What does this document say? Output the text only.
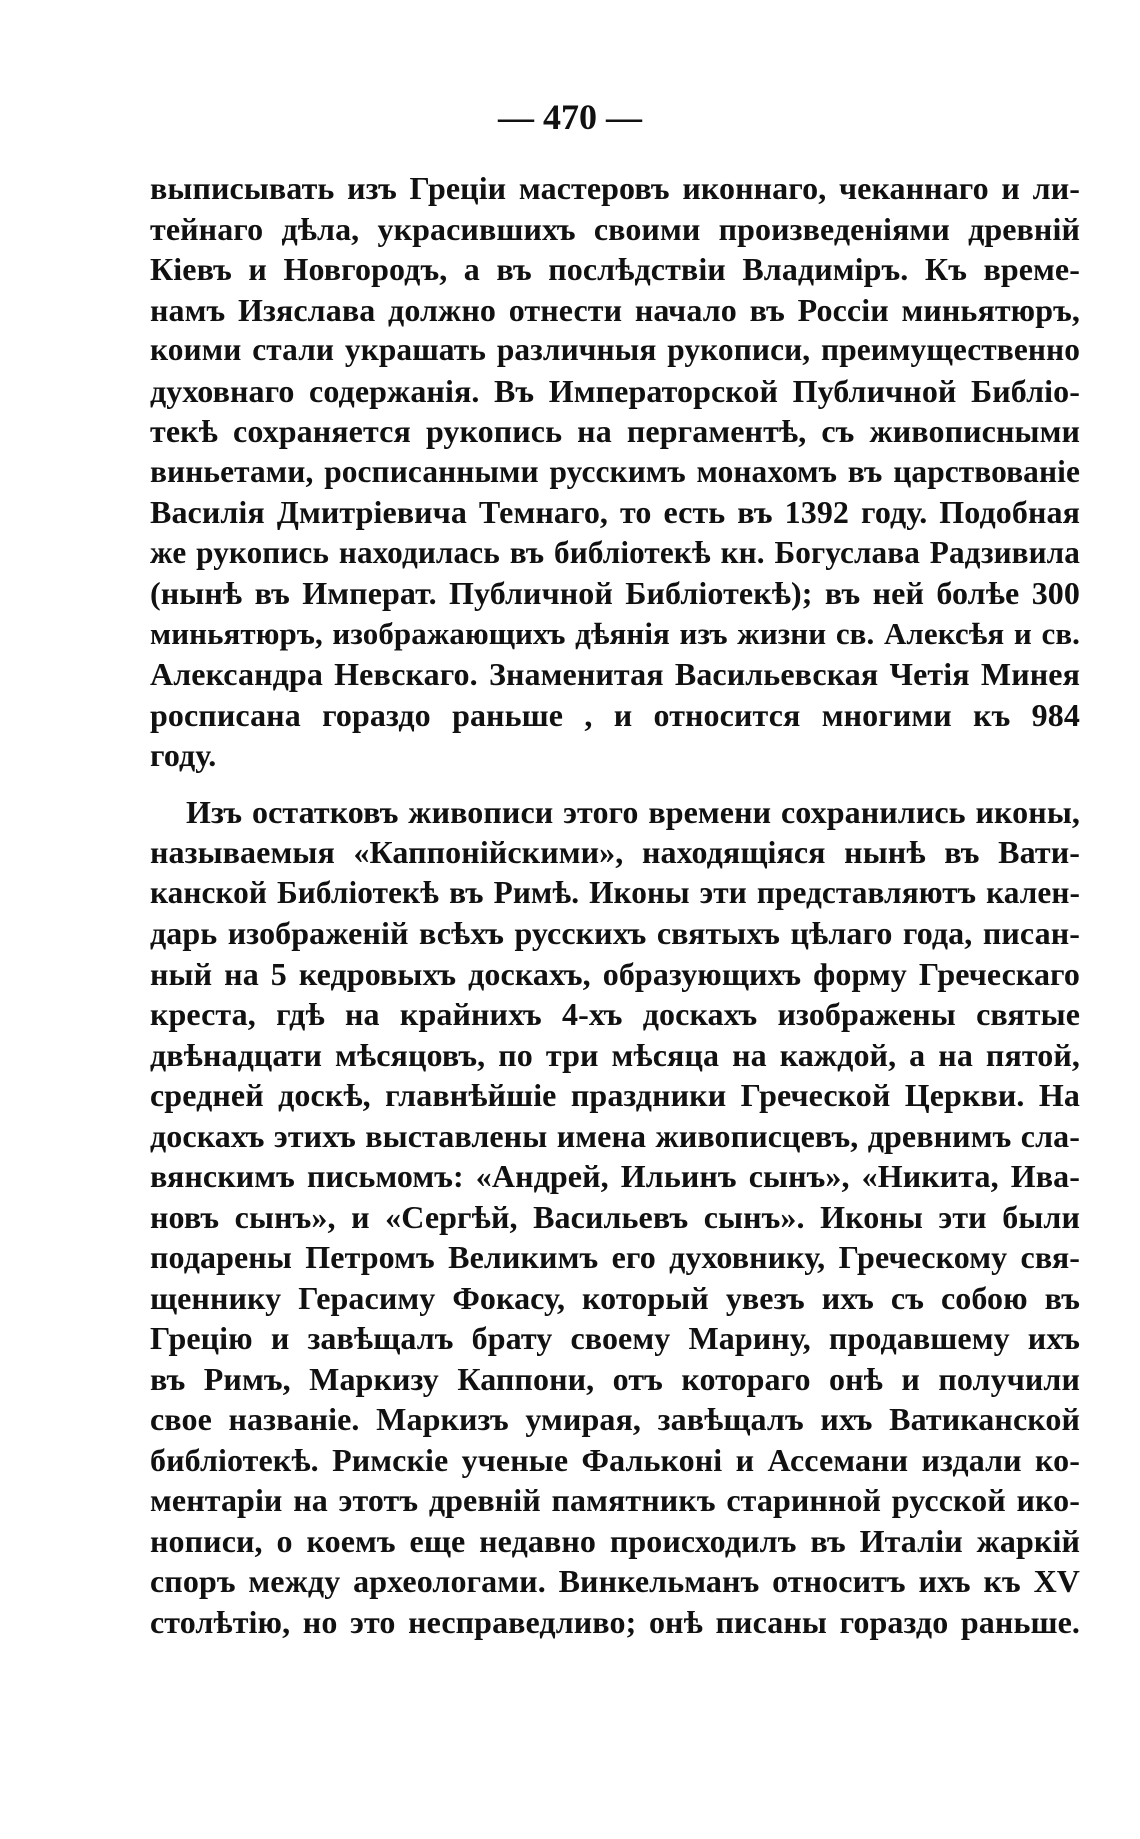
— 470 —
выписывать изъ Греціи мастеровъ иконнаго, чеканнаго и ли-
тейнаго дѣла, украсившихъ своими произведеніями древній
Кіевъ и Новгородъ, а въ послѣдствіи Владиміръ. Къ време-
намъ Изяслава должно отнести начало въ Россіи миньятюръ,
коими стали украшать различныя рукописи, преимущественно
духовнаго содержанія. Въ Императорской Публичной Библіо-
текѣ сохраняется рукопись на пергаментѣ, съ живописными
виньетами, росписанными русскимъ монахомъ въ царствованіе
Василія Дмитріевича Темнаго, то есть въ 1392 году. Подобная
же рукопись находилась въ библіотекѣ кн. Богуслава Радзивила
(нынѣ въ Императ. Публичной Библіотекѣ); въ ней болѣе 300
миньятюръ, изображающихъ дѣянія изъ жизни св. Алексѣя и св.
Александра Невскаго. Знаменитая Васильевская Четія Минея
росписана гораздо раньше , и относится многими къ 984
году.
Изъ остатковъ живописи этого времени сохранились иконы,
называемыя «Каппонійскими», находящіяся нынѣ въ Вати-
канской Библіотекѣ въ Римѣ. Иконы эти представляютъ кален-
дарь изображеній всѣхъ русскихъ святыхъ цѣлаго года, писан-
ный на 5 кедровыхъ доскахъ, образующихъ форму Греческаго
креста, гдѣ на крайнихъ 4-хъ доскахъ изображены святые
двѣнадцати мѣсяцовъ, по три мѣсяца на каждой, а на пятой,
средней доскѣ, главнѣйшіе праздники Греческой Церкви. На
доскахъ этихъ выставлены имена живописцевъ, древнимъ сла-
вянскимъ письмомъ: «Андрей, Ильинъ сынъ», «Никита, Ива-
новъ сынъ», и «Сергѣй, Васильевъ сынъ». Иконы эти были
подарены Петромъ Великимъ его духовнику, Греческому свя-
щеннику Герасиму Фокасу, который увезъ ихъ съ собою въ
Грецію и завѣщалъ брату своему Марину, продавшему ихъ
въ Римъ, Маркизу Каппони, отъ котораго онѣ и получили
свое названіе. Маркизъ умирая, завѣщалъ ихъ Ватиканской
библіотекѣ. Римскіе ученые Фальконі и Ассемани издали ко-
ментаріи на этотъ древній памятникъ старинной русской ико-
нописи, о коемъ еще недавно происходилъ въ Италіи жаркій
споръ между археологами. Винкельманъ относитъ ихъ къ XV
столѣтію, но это несправедливо; онѣ писаны гораздо раньше.
